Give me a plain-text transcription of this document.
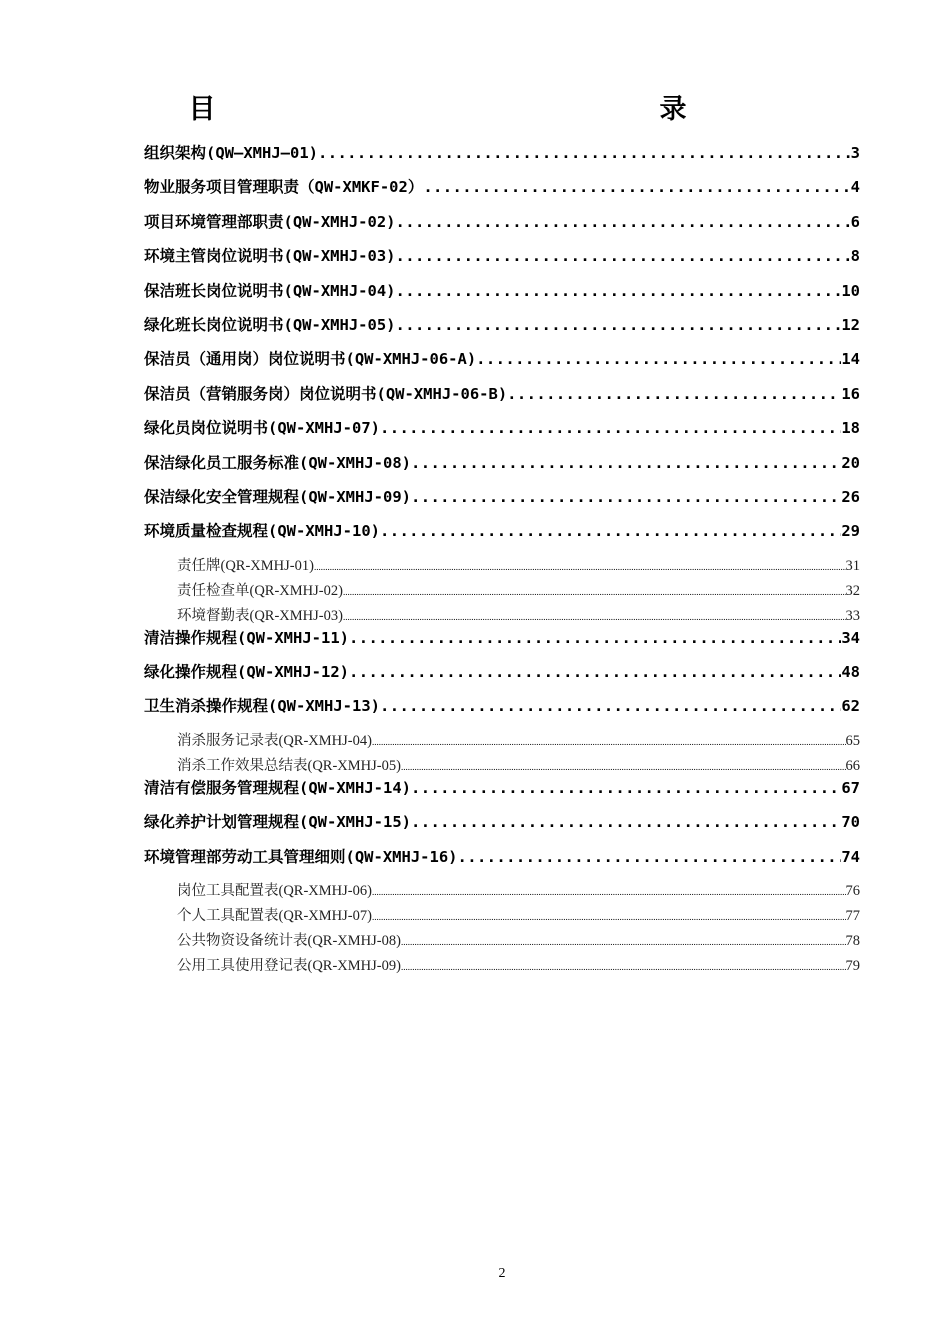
目　　录
组织架构(QW—XMHJ—01) .....	3
物业服务项目管理职责（QW-XMKF-02） .....	4
项目环境管理部职责(QW-XMHJ-02) .....	6
环境主管岗位说明书(QW-XMHJ-03) .....	8
保洁班长岗位说明书(QW-XMHJ-04) .....	10
绿化班长岗位说明书(QW-XMHJ-05) .....	12
保洁员（通用岗）岗位说明书(QW-XMHJ-06-A) .....	14
保洁员（营销服务岗）岗位说明书(QW-XMHJ-06-B) .....	16
绿化员岗位说明书(QW-XMHJ-07) .....	18
保洁绿化员工服务标准(QW-XMHJ-08) .....	20
保洁绿化安全管理规程(QW-XMHJ-09) .....	26
环境质量检查规程(QW-XMHJ-10) .....	29
责任牌(QR-XMHJ-01) .....	31
责任检查单(QR-XMHJ-02) .....	32
环境督勤表(QR-XMHJ-03) .....	33
清洁操作规程(QW-XMHJ-11) .....	34
绿化操作规程(QW-XMHJ-12) .....	48
卫生消杀操作规程(QW-XMHJ-13) .....	62
消杀服务记录表(QR-XMHJ-04) .....	65
消杀工作效果总结表(QR-XMHJ-05) .....	66
清洁有偿服务管理规程(QW-XMHJ-14) .....	67
绿化养护计划管理规程(QW-XMHJ-15) .....	70
环境管理部劳动工具管理细则(QW-XMHJ-16) .....	74
岗位工具配置表(QR-XMHJ-06) .....	76
个人工具配置表(QR-XMHJ-07) .....	77
公共物资设备统计表(QR-XMHJ-08) .....	78
公用工具使用登记表(QR-XMHJ-09) .....	79
2
